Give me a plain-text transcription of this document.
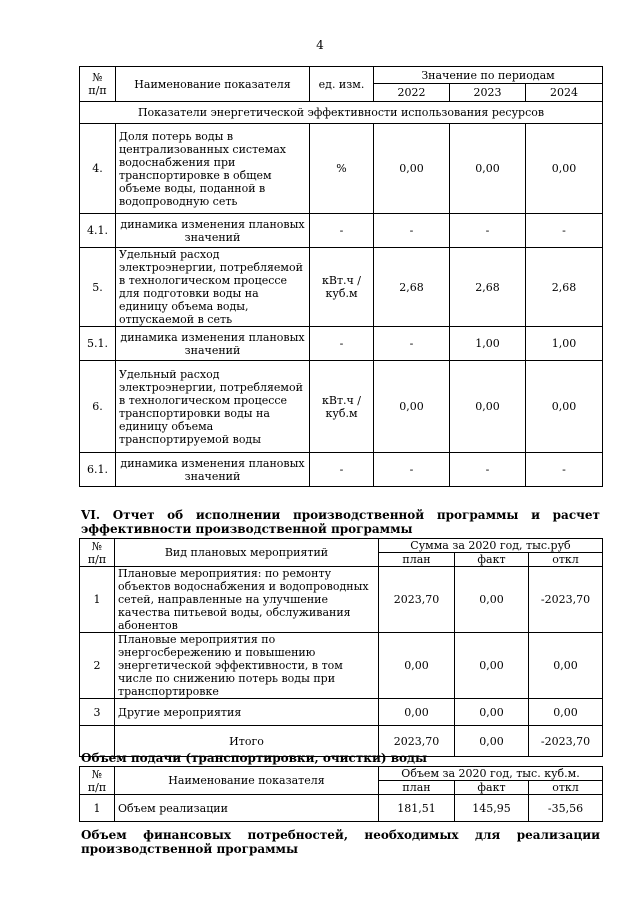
4
№
п/п	Наименование показателя	ед. изм.	Значение по периодам		
			2022	2023	2024
Показатели энергетической эффективности использования ресурсов					
4.	Доля потерь воды в централизованных системах водоснабжения при транспортировке в общем объеме воды, поданной в водопроводную сеть	%	0,00	0,00	0,00
4.1.	динамика изменения плановых значений	-	-	-	-
5.	Удельный расход электроэнергии, потребляемой в технологическом процессе для подготовки воды на единицу объема воды, отпускаемой в сеть	кВт.ч / куб.м	2,68	2,68	2,68
5.1.	динамика изменения плановых значений	-	-	1,00	1,00
6.	Удельный расход электроэнергии, потребляемой в технологическом процессе транспортировки воды на единицу объема транспортируемой воды	кВт.ч / куб.м	0,00	0,00	0,00
6.1.	динамика изменения плановых значений	-	-	-	-
VI. Отчет об исполнении производственной программы и расчет эффективности производственной программы
№
п/п	Вид плановых мероприятий	Сумма за 2020 год, тыс.руб		
		план	факт	откл
1	Плановые мероприятия: по ремонту объектов водоснабжения и водопроводных сетей, направленные на улучшение качества питьевой воды, обслуживания абонентов	2023,70	0,00	-2023,70
2	Плановые мероприятия по энергосбережению и повышению энергетической эффективности, в том числе по снижению потерь воды при транспортировке	0,00	0,00	0,00
3	Другие мероприятия	0,00	0,00	0,00
	Итого	2023,70	0,00	-2023,70
Объем подачи (транспортировки, очистки) воды
№
п/п	Наименование показателя	Объем за 2020 год, тыс. куб.м.		
		план	факт	откл
1	Объем реализации	181,51	145,95	-35,56
Объем финансовых потребностей, необходимых для реализации производственной программы
